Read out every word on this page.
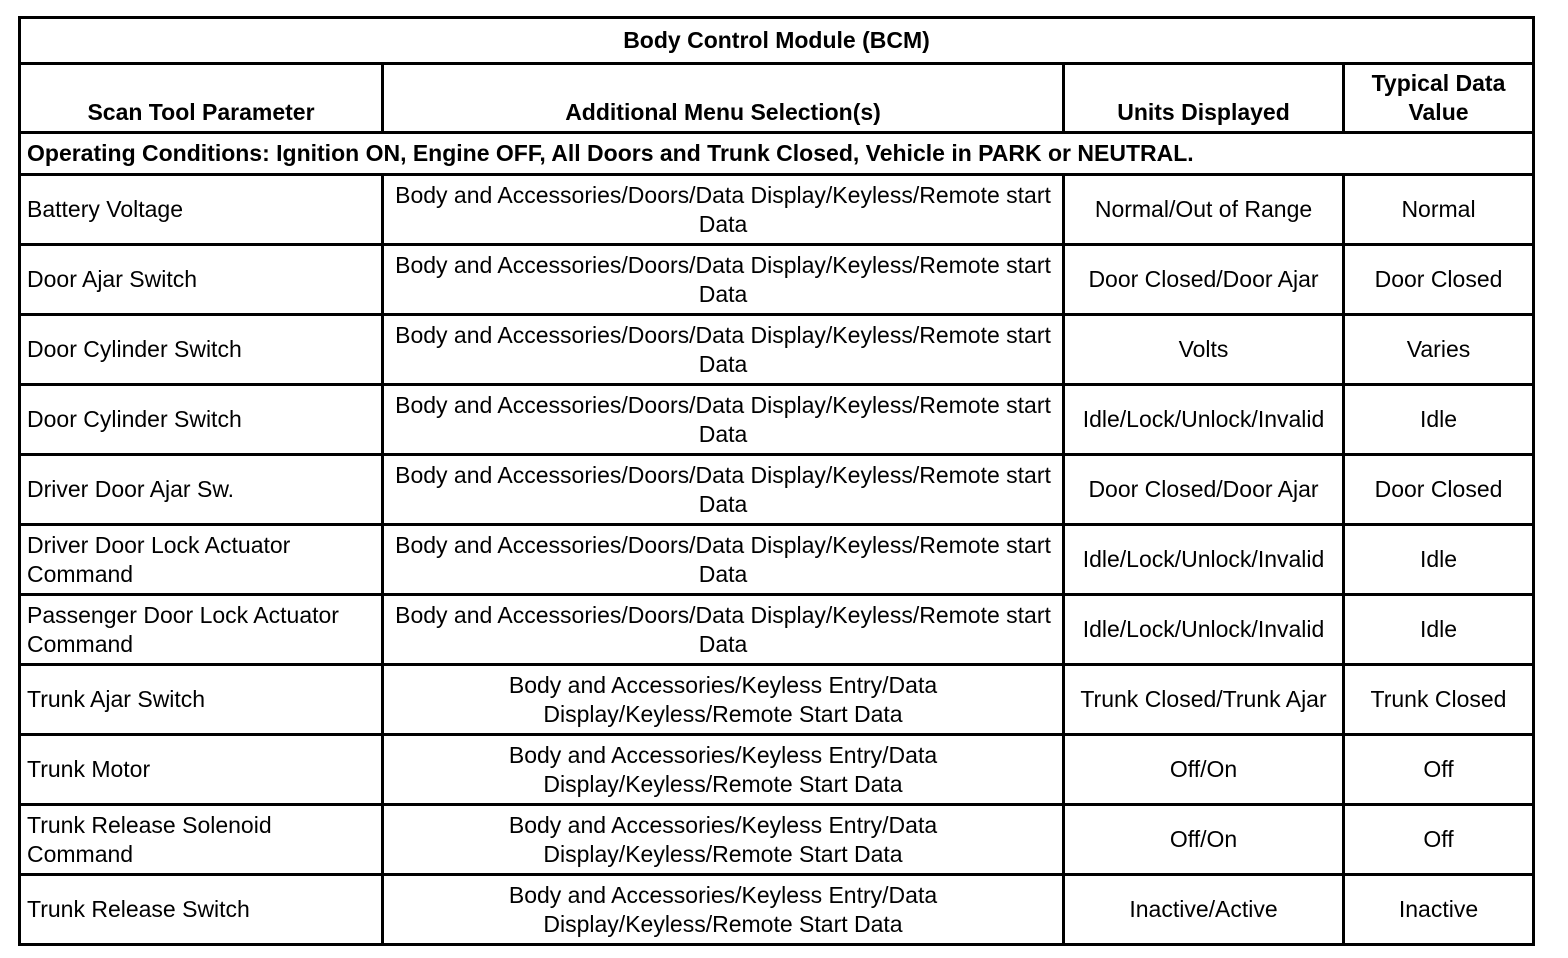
Body Control Module (BCM)			
Scan Tool Parameter	Additional Menu Selection(s)	Units Displayed	Typical Data Value
Operating Conditions: Ignition ON, Engine OFF, All Doors and Trunk Closed, Vehicle in PARK or NEUTRAL.			
Battery Voltage	Body and Accessories/Doors/Data Display/Keyless/Remote start Data	Normal/Out of Range	Normal
Door Ajar Switch	Body and Accessories/Doors/Data Display/Keyless/Remote start Data	Door Closed/Door Ajar	Door Closed
Door Cylinder Switch	Body and Accessories/Doors/Data Display/Keyless/Remote start Data	Volts	Varies
Door Cylinder Switch	Body and Accessories/Doors/Data Display/Keyless/Remote start Data	Idle/Lock/Unlock/Invalid	Idle
Driver Door Ajar Sw.	Body and Accessories/Doors/Data Display/Keyless/Remote start Data	Door Closed/Door Ajar	Door Closed
Driver Door Lock Actuator Command	Body and Accessories/Doors/Data Display/Keyless/Remote start Data	Idle/Lock/Unlock/Invalid	Idle
Passenger Door Lock Actuator Command	Body and Accessories/Doors/Data Display/Keyless/Remote start Data	Idle/Lock/Unlock/Invalid	Idle
Trunk Ajar Switch	Body and Accessories/Keyless Entry/Data Display/Keyless/Remote Start Data	Trunk Closed/Trunk Ajar	Trunk Closed
Trunk Motor	Body and Accessories/Keyless Entry/Data Display/Keyless/Remote Start Data	Off/On	Off
Trunk Release Solenoid Command	Body and Accessories/Keyless Entry/Data Display/Keyless/Remote Start Data	Off/On	Off
Trunk Release Switch	Body and Accessories/Keyless Entry/Data Display/Keyless/Remote Start Data	Inactive/Active	Inactive
